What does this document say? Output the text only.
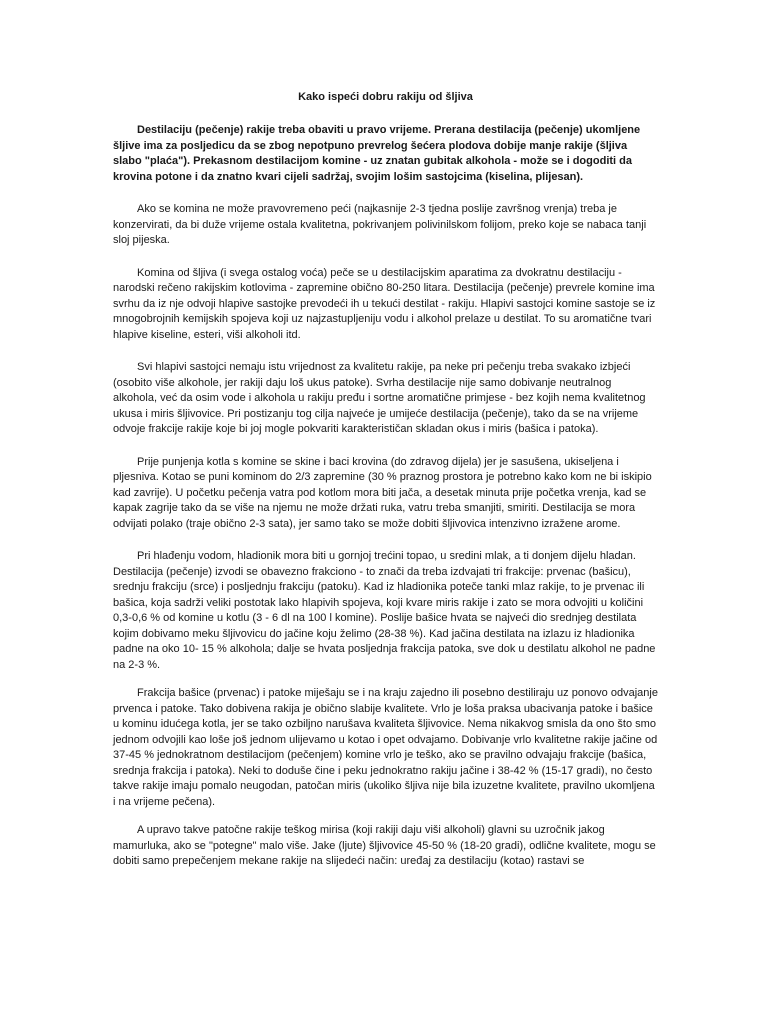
Kako ispeći dobru rakiju od šljiva

Destilaciju (pečenje) rakije treba obaviti u pravo vrijeme. Prerana destilacija (pečenje) ukomljene šljive ima za posljedicu da se zbog nepotpuno prevrelog šećera plodova dobije manje rakije (šljiva slabo "plaća"). Prekasnom destilacijom komine - uz znatan gubitak alkohola - može se i dogoditi da krovina potone i da znatno kvari cijeli sadržaj, svojim lošim sastojcima (kiselina, plijesan).

Ako se komina ne može pravovremeno peći (najkasnije 2-3 tjedna poslije završnog vrenja) treba je konzervirati, da bi duže vrijeme ostala kvalitetna, pokrivanjem polivinilskom folijom, preko koje se nabaca tanji sloj pijeska.

Komina od šljiva (i svega ostalog voća) peče se u destilacijskim aparatima za dvokratnu destilaciju - narodski rečeno rakijskim kotlovima - zapremine obično 80-250 litara. Destilacija (pečenje) prevrele komine ima svrhu da iz nje odvoji hlapive sastojke prevodeći ih u tekući destilat - rakiju. Hlapivi sastojci komine sastoje se iz mnogobrojnih kemijskih spojeva koji uz najzastupljeniju vodu i alkohol prelaze u destilat. To su aromatične tvari hlapive kiseline, esteri, viši alkoholi itd.

Svi hlapivi sastojci nemaju istu vrijednost za kvalitetu rakije, pa neke pri pečenju treba svakako izbjeći (osobito više alkohole, jer rakiji daju loš ukus patoke). Svrha destilacije nije samo dobivanje neutralnog alkohola, već da osim vode i alkohola u rakiju pređu i sortne aromatične primjese - bez kojih nema kvalitetnog ukusa i miris šljivovice. Pri postizanju tog cilja najveće je umijeće destilacija (pečenje), tako da se na vrijeme odvoje frakcije rakije koje bi joj mogle pokvariti karakterističan skladan okus i miris (bašica i patoka).

Prije punjenja kotla s komine se skine i baci krovina (do zdravog dijela) jer je sasušena, ukiseljena i pljesniva. Kotao se puni kominom do 2/3 zapremine (30 % praznog prostora je potrebno kako kom ne bi iskipio kad zavrije). U početku pečenja vatra pod kotlom mora biti jača, a desetak minuta prije početka vrenja, kad se kapak zagrije tako da se više na njemu ne može držati ruka, vatru treba smanjiti, smiriti. Destilacija se mora odvijati polako (traje obično 2-3 sata), jer samo tako se može dobiti šljivovica intenzivno izražene arome.

Pri hlađenju vodom, hladionik mora biti u gornjoj trećini topao, u sredini mlak, a ti donjem dijelu hladan. Destilacija (pečenje) izvodi se obavezno frakciono - to znači da treba izdvajati tri frakcije: prvenac (bašicu), srednju frakciju (srce) i posljednju frakciju (patoku). Kad iz hladionika poteče tanki mlaz rakije, to je prvenac ili bašica, koja sadrži veliki postotak lako hlapivih spojeva, koji kvare miris rakije i zato se mora odvojiti u količini 0,3-0,6 % od komine u kotlu (3 - 6 dl na 100 l komine). Poslije bašice hvata se najveći dio srednjeg destilata kojim dobivamo meku šljivovicu do jačine koju želimo (28-38 %). Kad jačina destilata na izlazu iz hladionika padne na oko 10- 15 % alkohola; dalje se hvata posljednja frakcija patoka, sve dok u destilatu alkohol ne padne na 2-3 %.

Frakcija bašice (prvenac) i patoke miješaju se i na kraju zajedno ili posebno destiliraju uz ponovo odvajanje prvenca i patoke. Tako dobivena rakija je obično slabije kvalitete. Vrlo je loša praksa ubacivanja patoke i bašice u kominu idućega kotla, jer se tako ozbiljno narušava kvaliteta šljivovice. Nema nikakvog smisla da ono što smo jednom odvojili kao loše još jednom ulijevamo u kotao i opet odvajamo. Dobivanje vrlo kvalitetne rakije jačine od 37-45 % jednokratnom destilacijom (pečenjem) komine vrlo je teško, ako se pravilno odvajaju frakcije (bašica, srednja frakcija i patoka). Neki to doduše čine i peku jednokratno rakiju jačine i 38-42 % (15-17 gradi), no često takve rakije imaju pomalo neugodan, patočan miris (ukoliko šljiva nije bila izuzetne kvalitete, pravilno ukomljena i na vrijeme pečena).

A upravo takve patočne rakije teškog mirisa (koji rakiji daju viši alkoholi) glavni su uzročnik jakog mamurluka, ako se "potegne" malo više. Jake (ljute) šljivovice 45-50 % (18-20 gradi), odlične kvalitete, mogu se dobiti samo prepečenjem mekane rakije na slijedeći način: uređaj za destilaciju (kotao) rastavi se
